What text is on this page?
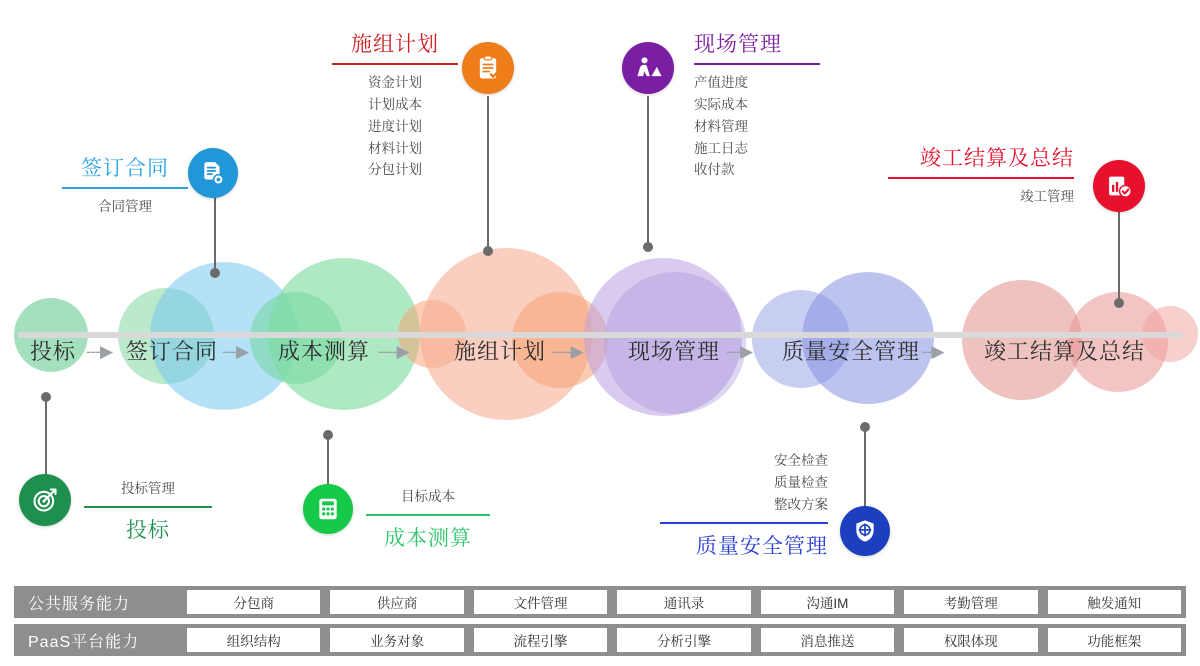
投标 ---▶ 签订合同 ---▶ 成本测算 ----▶ 施组计划 ----▶ 现场管理 ---▶ 质量安全管理 --▶ 竣工结算及总结
签订合同
合同管理
施组计划
资金计划
计划成本
进度计划
材料计划
分包计划
现场管理
产值进度
实际成本
材料管理
施工日志
收付款	竣工结算及总结
竣工管理
投标管理
投标
目标成本
成本测算
安全检查
质量检查
整改方案
质量安全管理
公共服务能力	分包商	供应商	文件管理	通讯录	沟通IM	考勤管理	触发通知
PaaS平台能力	组织结构	业务对象	流程引擎	分析引擎	消息推送	权限体现	功能框架
